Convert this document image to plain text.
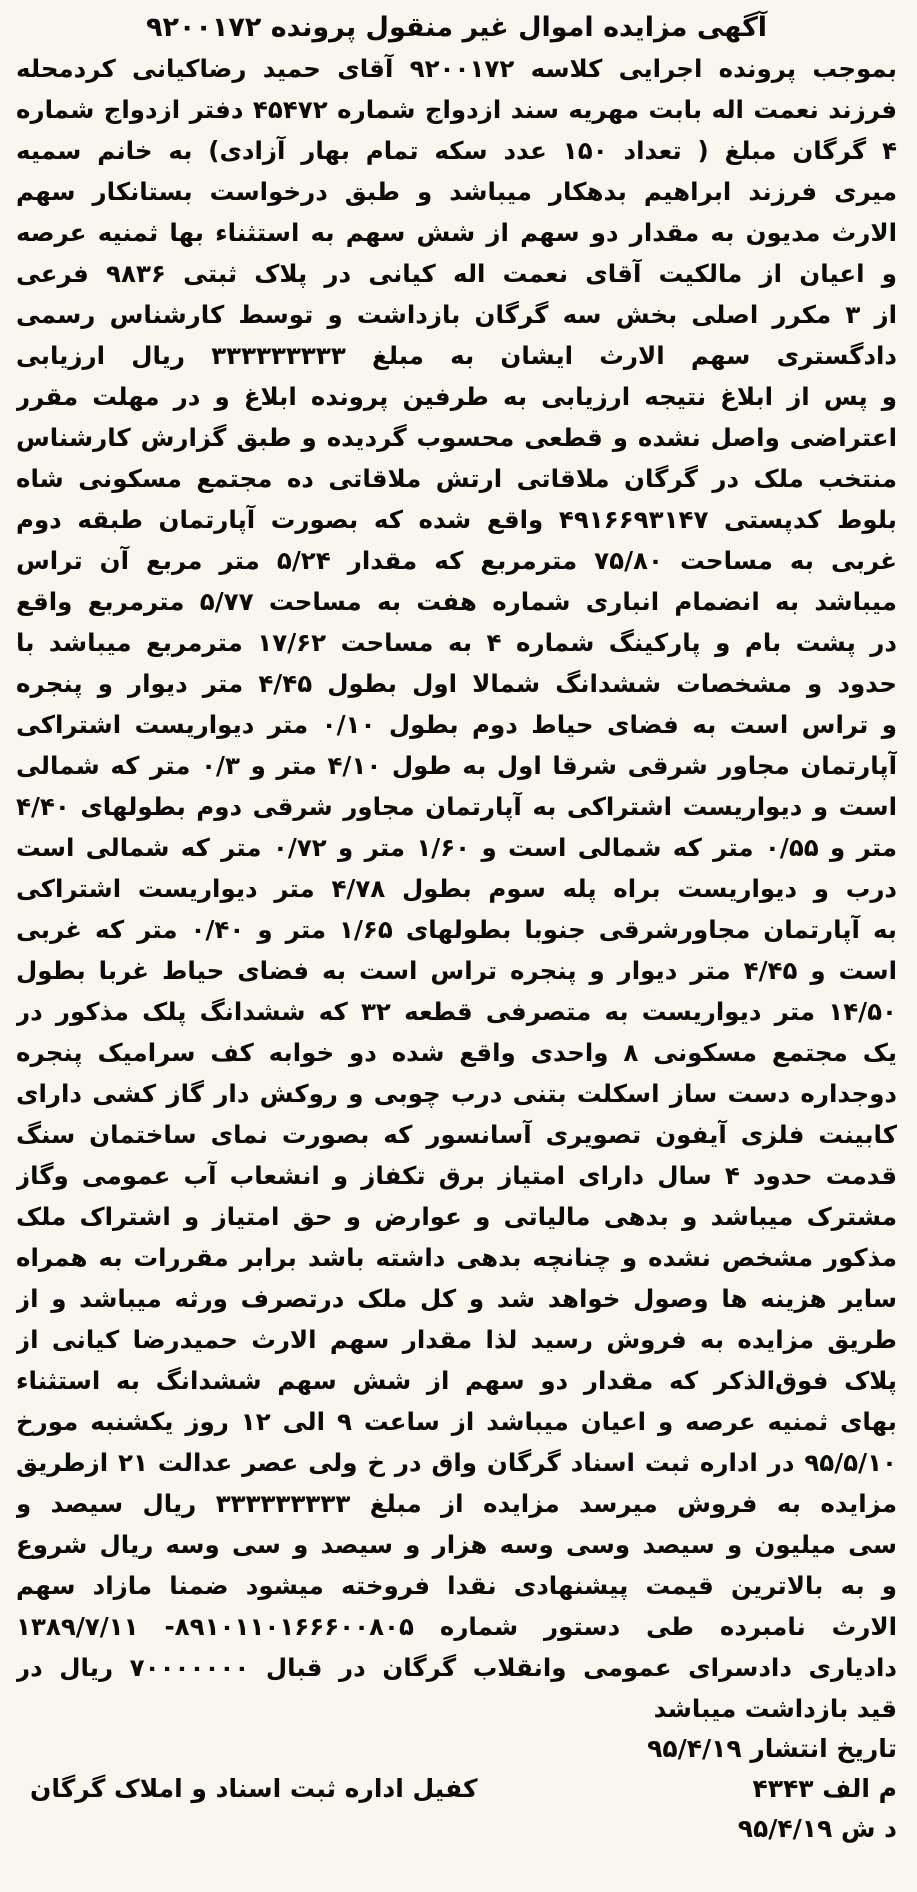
آگهی مزایده اموال غیر منقول پرونده ۹۲۰۰۱۷۲
بموجب پرونده اجرایی کلاسه ۹۲۰۰۱۷۲ آقای حمید رضاکیانی کردمحله
فرزند نعمت اله بابت مهریه سند ازدواج شماره ۴۵۴۷۲ دفتر ازدواج شماره
۴ گرگان مبلغ ( تعداد ۱۵۰ عدد سکه تمام بهار آزادی) به خانم سمیه
میری فرزند ابراهیم بدهکار میباشد و طبق درخواست بستانکار سهم
الارث مدیون به مقدار دو سهم از شش سهم به استثناء بها ثمنیه عرصه
و اعیان از مالکیت آقای نعمت اله کیانی در پلاک ثبتی ۹۸۳۶ فرعی
از ۳ مکرر اصلی بخش سه گرگان بازداشت و توسط کارشناس رسمی
دادگستری سهم الارث ایشان به مبلغ ۳۳۳۳۳۳۳۳۳ ریال ارزیابی
و پس از ابلاغ نتیجه ارزیابی به طرفین پرونده ابلاغ و در مهلت مقرر
اعتراضی واصل نشده و قطعی محسوب گردیده و طبق گزارش کارشناس
منتخب ملک در گرگان ملاقاتی ارتش ملاقاتی ده مجتمع مسکونی شاه
بلوط کدپستی ۴۹۱۶۶۹۳۱۴۷ واقع شده که بصورت آپارتمان طبقه دوم
غربی به مساحت ۷۵/۸۰ مترمربع که مقدار ۵/۲۴ متر مربع آن تراس
میباشد به انضمام انباری شماره هفت به مساحت ۵/۷۷ مترمربع واقع
در پشت بام و پارکینگ شماره ۴ به مساحت ۱۷/۶۲ مترمربع میباشد با
حدود و مشخصات ششدانگ شمالا اول بطول ۴/۴۵ متر دیوار و پنجره
و تراس است به فضای حیاط دوم بطول ۰/۱۰ متر دیواریست اشتراکی
آپارتمان مجاور شرقی شرقا اول به طول ۴/۱۰ متر و ۰/۳ متر که شمالی
است و دیواریست اشتراکی به آپارتمان مجاور شرقی دوم بطولهای ۴/۴۰
متر و ۰/۵۵ متر که شمالی است و ۱/۶۰ متر و ۰/۷۲ متر که شمالی است
درب و دیواریست براه پله سوم بطول ۴/۷۸ متر دیواریست اشتراکی
به آپارتمان مجاورشرقی جنوبا بطولهای ۱/۶۵ متر و ۰/۴۰ متر که غربی
است و ۴/۴۵ متر دیوار و پنجره تراس است به فضای حیاط غربا بطول
۱۴/۵۰ متر دیواریست به متصرفی قطعه ۳۲ که ششدانگ پلک مذکور در
یک مجتمع مسکونی ۸ واحدی واقع شده دو خوابه کف سرامیک پنجره
دوجداره دست ساز اسکلت بتنی درب چوبی و روکش دار گاز کشی دارای
کابینت فلزی آیفون تصویری آسانسور که بصورت نمای ساختمان سنگ
قدمت حدود ۴ سال دارای امتیاز برق تکفاز و انشعاب آب عمومی وگاز
مشترک میباشد و بدهی مالیاتی و عوارض و حق امتیاز و اشتراک ملک
مذکور مشخص نشده و چنانچه بدهی داشته باشد برابر مقررات به همراه
سایر هزینه ها وصول خواهد شد و کل ملک درتصرف ورثه میباشد و از
طریق مزایده به فروش رسید لذا مقدار سهم الارث حمیدرضا کیانی از
پلاک فوق‌الذکر که مقدار دو سهم از شش سهم ششدانگ به استثناء
بهای ثمنیه عرصه و اعیان میباشد از ساعت ۹ الی ۱۲ روز یکشنبه مورخ
۹۵/۵/۱۰ در اداره ثبت اسناد گرگان واق در خ ولی عصر عدالت ۲۱ ازطریق
مزایده به فروش میرسد مزایده از مبلغ ۳۳۳۳۳۳۳۳۳ ریال سیصد و
سی میلیون و سیصد وسی وسه هزار و سیصد و سی وسه ریال شروع
و به بالاترین قیمت پیشنهادی نقدا فروخته میشود ضمنا مازاد سهم
الارث نامبرده طی دستور شماره ۸۹۱۰۱۱۰۱۶۶۶۰۰۸۰۵- ۱۳۸۹/۷/۱۱
دادیاری دادسرای عمومی وانقلاب گرگان در قبال ۷۰۰۰۰۰۰۰ ریال در
قید بازداشت میباشد
تاریخ انتشار ۹۵/۴/۱۹
م الف ۴۳۴۳
کفیل اداره ثبت اسناد و املاک گرگان
د ش ۹۵/۴/۱۹
